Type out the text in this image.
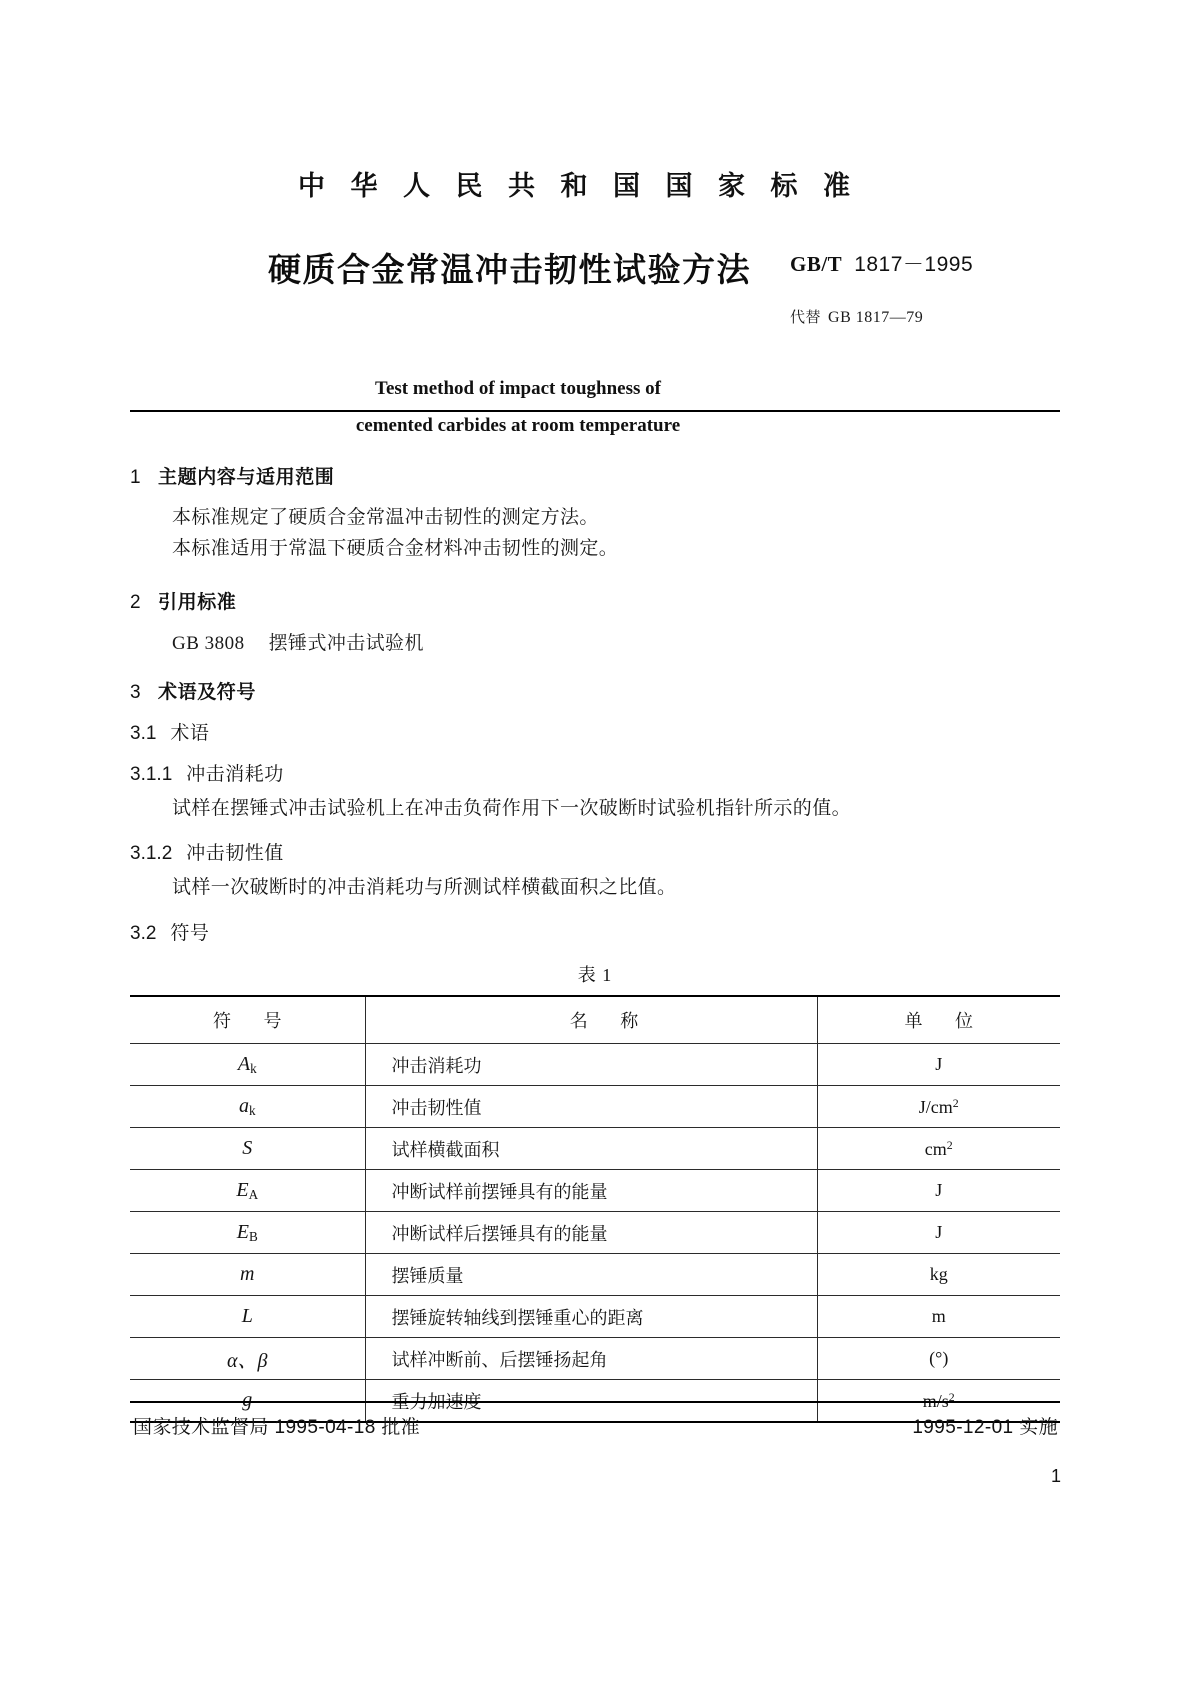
中 华 人 民 共 和 国 国 家 标 准
硬质合金常温冲击韧性试验方法 GB/T 1817－1995
代替 GB 1817—79
Test method of impact toughness of
cemented carbides at room temperature
1 主题内容与适用范围

本标准规定了硬质合金常温冲击韧性的测定方法。

本标准适用于常温下硬质合金材料冲击韧性的测定。

2 引用标准

GB 3808 摆锤式冲击试验机

3 术语及符号
3.1 术语
3.1.1 冲击消耗功

试样在摆锤式冲击试验机上在冲击负荷作用下一次破断时试验机指针所示的值。

3.1.2 冲击韧性值

试样一次破断时的冲击消耗功与所测试样横截面积之比值。

3.2 符号
表 1
符 号	名 称	单 位
$A_k$	冲击消耗功	J
$a_k$	冲击韧性值	$J/cm^2$
S	试样横截面积	$cm^2$
$E_A$	冲断试样前摆锤具有的能量	J
$E_B$	冲断试样后摆锤具有的能量	J
m	摆锤质量	kg
L	摆锤旋转轴线到摆锤重心的距离	m
α、β	试样冲断前、后摆锤扬起角	(°)
g	重力加速度	$m/s^2$
国家技术监督局 1995-04-18 批准	1995-12-01 实施
1
